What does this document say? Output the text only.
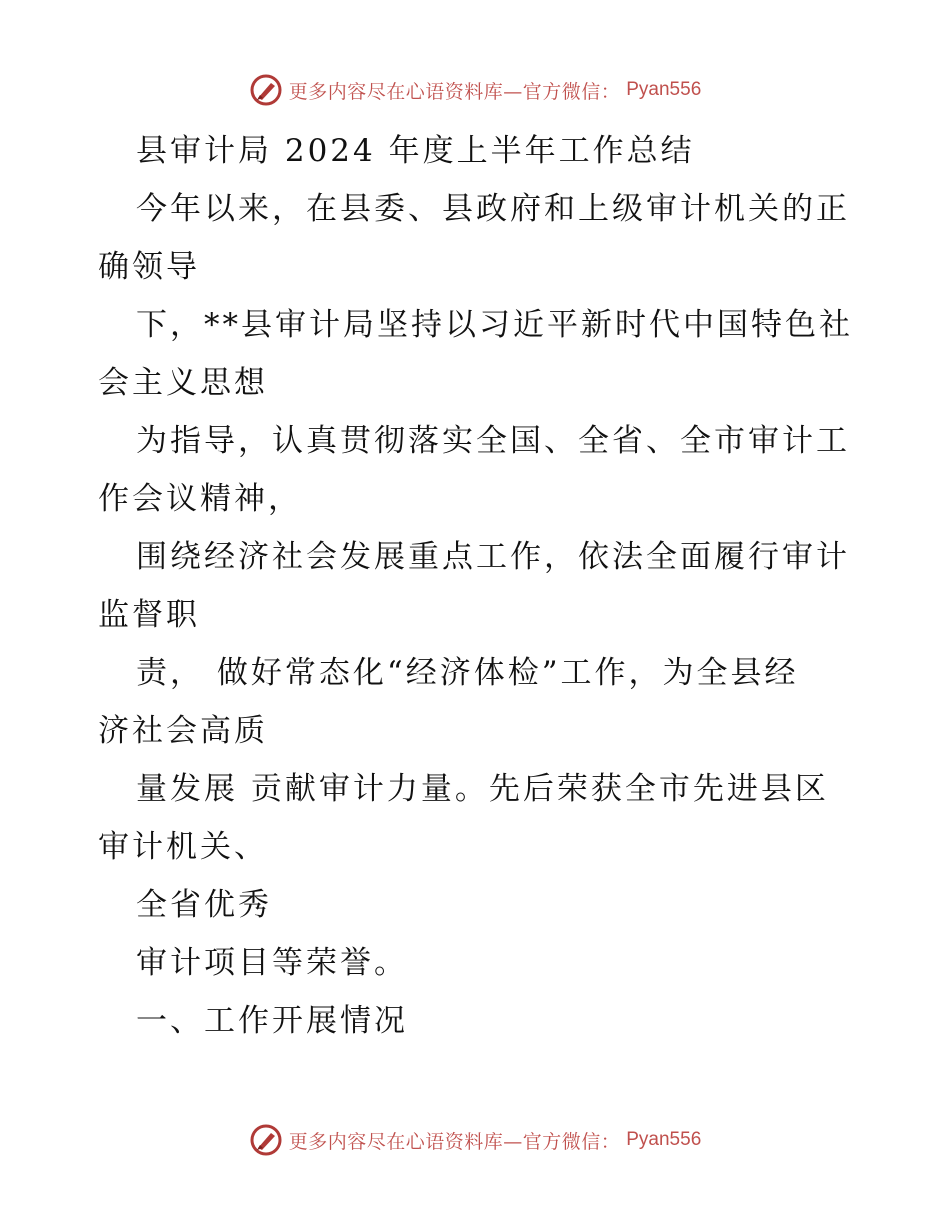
更多内容尽在心语资料库—官方微信： Pyan556
县审计局 2024 年度上半年工作总结
今年以来，在县委、县政府和上级审计机关的正
确领导
下，**县审计局坚持以习近平新时代中国特色社
会主义思想
为指导，认真贯彻落实全国、全省、全市审计工
作会议精神，
围绕经济社会发展重点工作，依法全面履行审计
监督职
责， 做好常态化“经济体检”工作，为全县经
济社会高质
量发展 贡献审计力量。先后荣获全市先进县区
审计机关、
全省优秀
审计项目等荣誉。
一、工作开展情况
更多内容尽在心语资料库—官方微信： Pyan556
